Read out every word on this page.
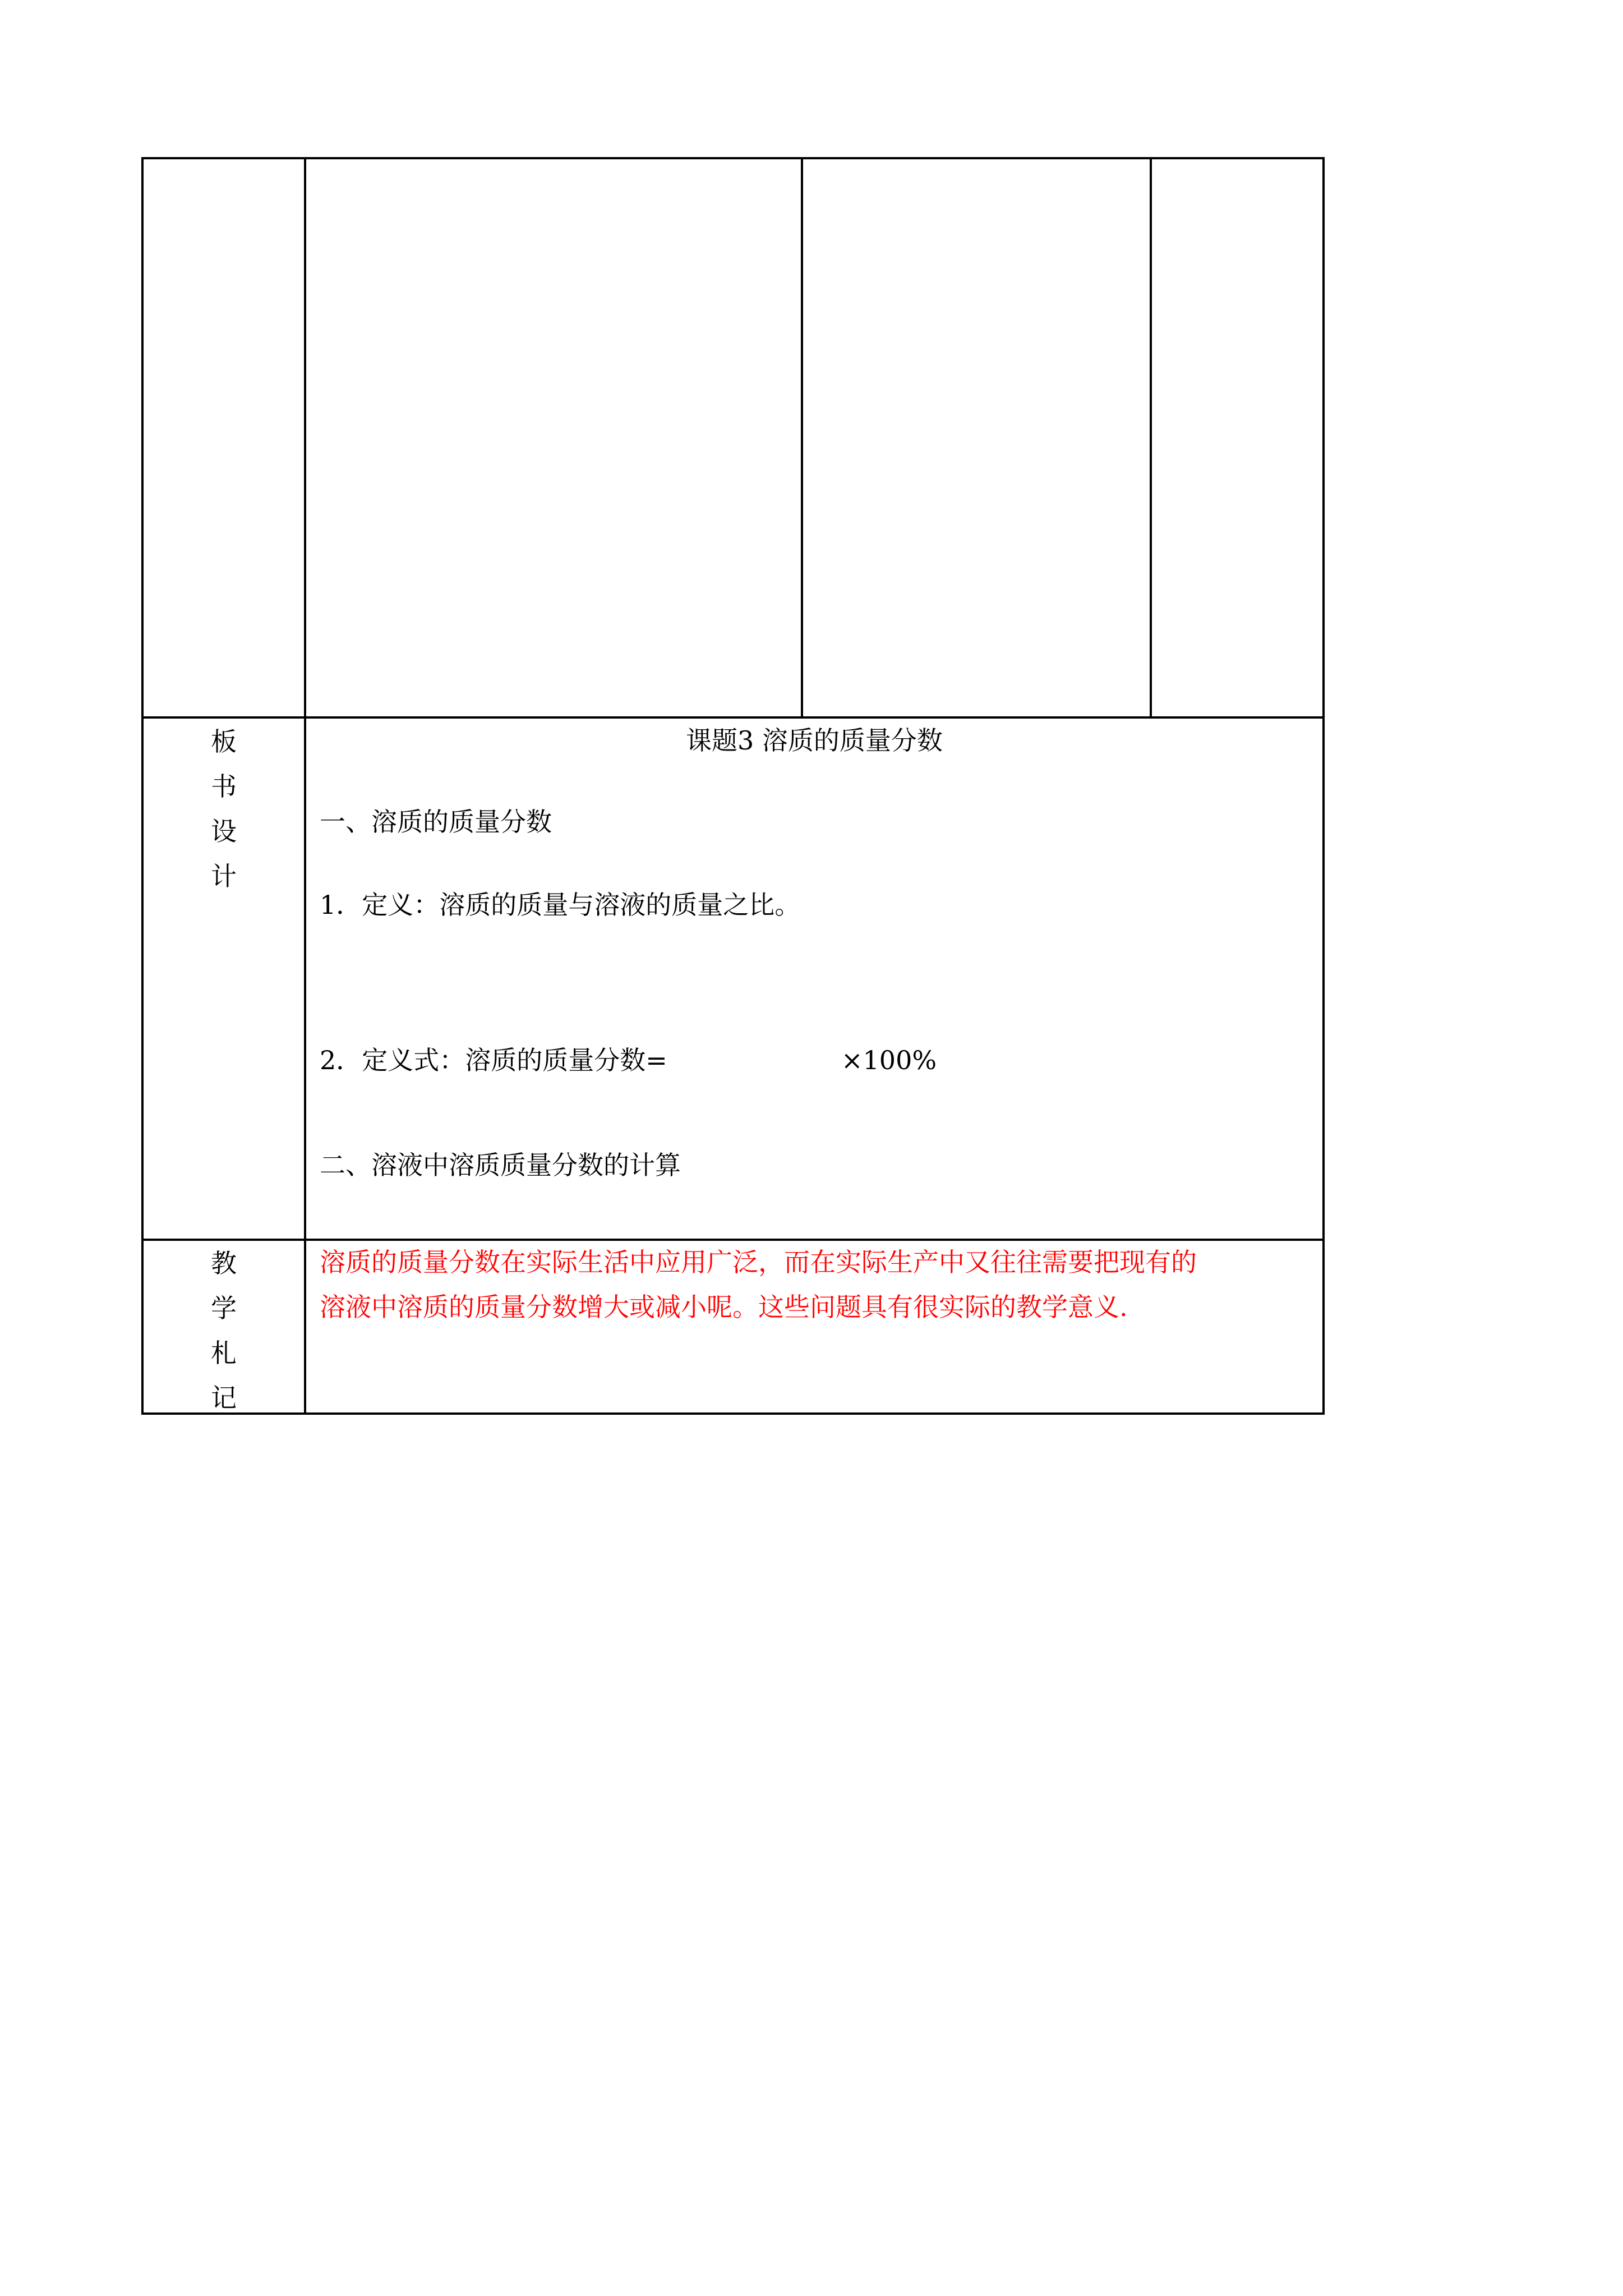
板
书
设
计
课题3 溶质的质量分数
一、溶质的质量分数
1．定义：溶质的质量与溶液的质量之比。
2．定义式：溶质的质量分数=	×100%
二、溶液中溶质质量分数的计算
教
学
札
记
溶质的质量分数在实际生活中应用广泛，而在实际生产中又往往需要把现有的
溶液中溶质的质量分数增大或减小呢。这些问题具有很实际的教学意义.
